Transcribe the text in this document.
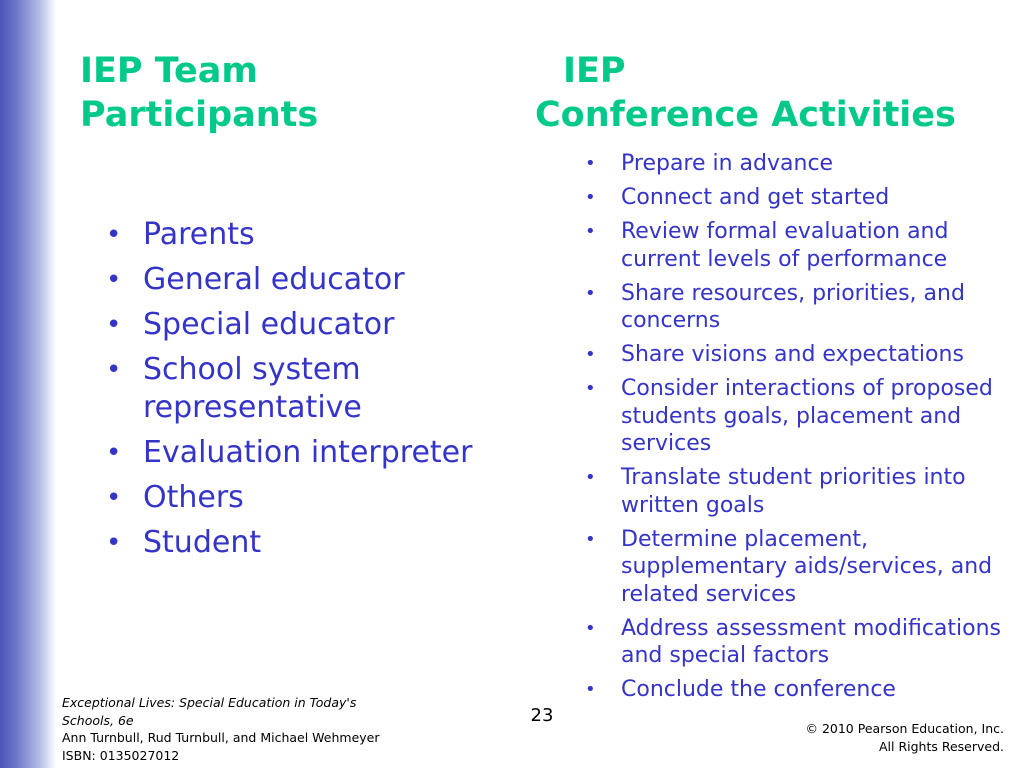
IEP Team
Participants
IEP
Conference Activities
• Parents
• General educator
• Special educator
• School system representative
• Evaluation interpreter
• Others
• Student
• Prepare in advance
• Connect and get started
• Review formal evaluation and current levels of performance
• Share resources, priorities, and concerns
• Share visions and expectations
• Consider interactions of proposed students goals, placement and services
• Translate student priorities into written goals
• Determine placement, supplementary aids/services, and related services
• Address assessment modifications and special factors
• Conclude the conference
Exceptional Lives: Special Education in Today's Schools, 6e
Ann Turnbull, Rud Turnbull, and Michael Wehmeyer
ISBN: 0135027012
23
© 2010 Pearson Education, Inc.
All Rights Reserved.
